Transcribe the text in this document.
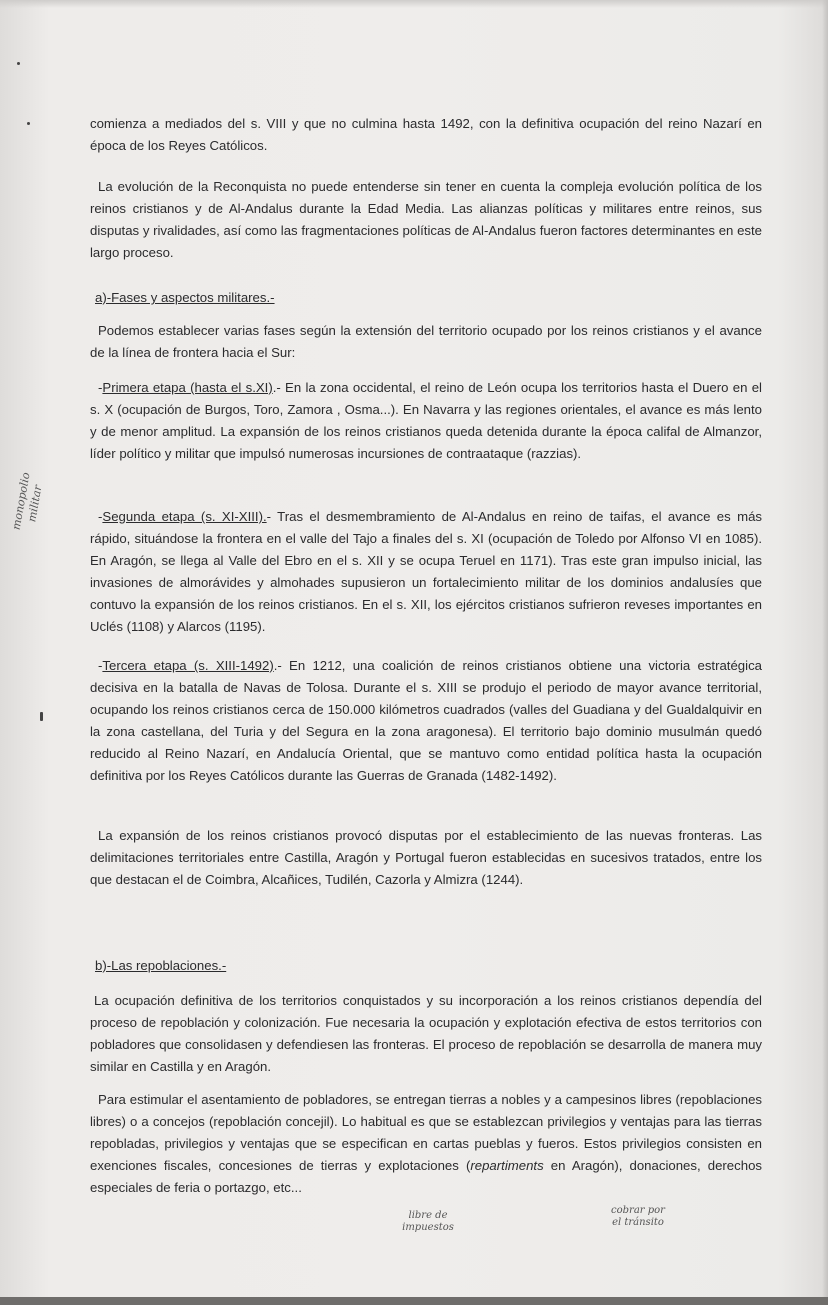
comienza a mediados del s. VIII y que no culmina hasta 1492, con la definitiva ocupación del reino Nazarí en época de los Reyes Católicos.

La evolución de la Reconquista no puede entenderse sin tener en cuenta la compleja evolución política de los reinos cristianos y de Al-Andalus durante la Edad Media. Las alianzas políticas y militares entre reinos, sus disputas y rivalidades, así como las fragmentaciones políticas de Al-Andalus fueron factores determinantes en este largo proceso.

a)-Fases y aspectos militares.-

Podemos establecer varias fases según la extensión del territorio ocupado por los reinos cristianos y el avance de la línea de frontera hacia el Sur:

-Primera etapa (hasta el s.XI).- En la zona occidental, el reino de León ocupa los territorios hasta el Duero en el s. X (ocupación de Burgos, Toro, Zamora , Osma...). En Navarra y las regiones orientales, el avance es más lento y de menor amplitud. La expansión de los reinos cristianos queda detenida durante la época califal de Almanzor, líder político y militar que impulsó numerosas incursiones de contraataque (razzias).

-Segunda etapa (s. XI-XIII).- Tras el desmembramiento de Al-Andalus en reino de taifas, el avance es más rápido, situándose la frontera en el valle del Tajo a finales del s. XI (ocupación de Toledo por Alfonso VI en 1085). En Aragón, se llega al Valle del Ebro en el s. XII y se ocupa Teruel en 1171). Tras este gran impulso inicial, las invasiones de almorávides y almohades supusieron un fortalecimiento militar de los dominios andalusíes que contuvo la expansión de los reinos cristianos. En el s. XII, los ejércitos cristianos sufrieron reveses importantes en Uclés (1108) y Alarcos (1195).

-Tercera etapa (s. XIII-1492).- En 1212, una coalición de reinos cristianos obtiene una victoria estratégica decisiva en la batalla de Navas de Tolosa. Durante el s. XIII se produjo el periodo de mayor avance territorial, ocupando los reinos cristianos cerca de 150.000 kilómetros cuadrados (valles del Guadiana y del Gualdalquivir en la zona castellana, del Turia y del Segura en la zona aragonesa). El territorio bajo dominio musulmán quedó reducido al Reino Nazarí, en Andalucía Oriental, que se mantuvo como entidad política hasta la ocupación definitiva por los Reyes Católicos durante las Guerras de Granada (1482-1492).

La expansión de los reinos cristianos provocó disputas por el establecimiento de las nuevas fronteras. Las delimitaciones territoriales entre Castilla, Aragón y Portugal fueron establecidas en sucesivos tratados, entre los que destacan el de Coimbra, Alcañices, Tudilén, Cazorla y Almizra (1244).

b)-Las repoblaciones.-

La ocupación definitiva de los territorios conquistados y su incorporación a los reinos cristianos dependía del proceso de repoblación y colonización. Fue necesaria la ocupación y explotación efectiva de estos territorios con pobladores que consolidasen y defendiesen las fronteras. El proceso de repoblación se desarrolla de manera muy similar en Castilla y en Aragón.

Para estimular el asentamiento de pobladores, se entregan tierras a nobles y a campesinos libres (repoblaciones libres) o a concejos (repoblación concejil). Lo habitual es que se establezcan privilegios y ventajas para las tierras repobladas, privilegios y ventajas que se especifican en cartas pueblas y fueros. Estos privilegios consisten en exenciones fiscales, concesiones de tierras y explotaciones (repartiments en Aragón), donaciones, derechos especiales de feria o portazgo, etc...

monopolio militar
libre de
impuestos
cobrar por
el tránsito
